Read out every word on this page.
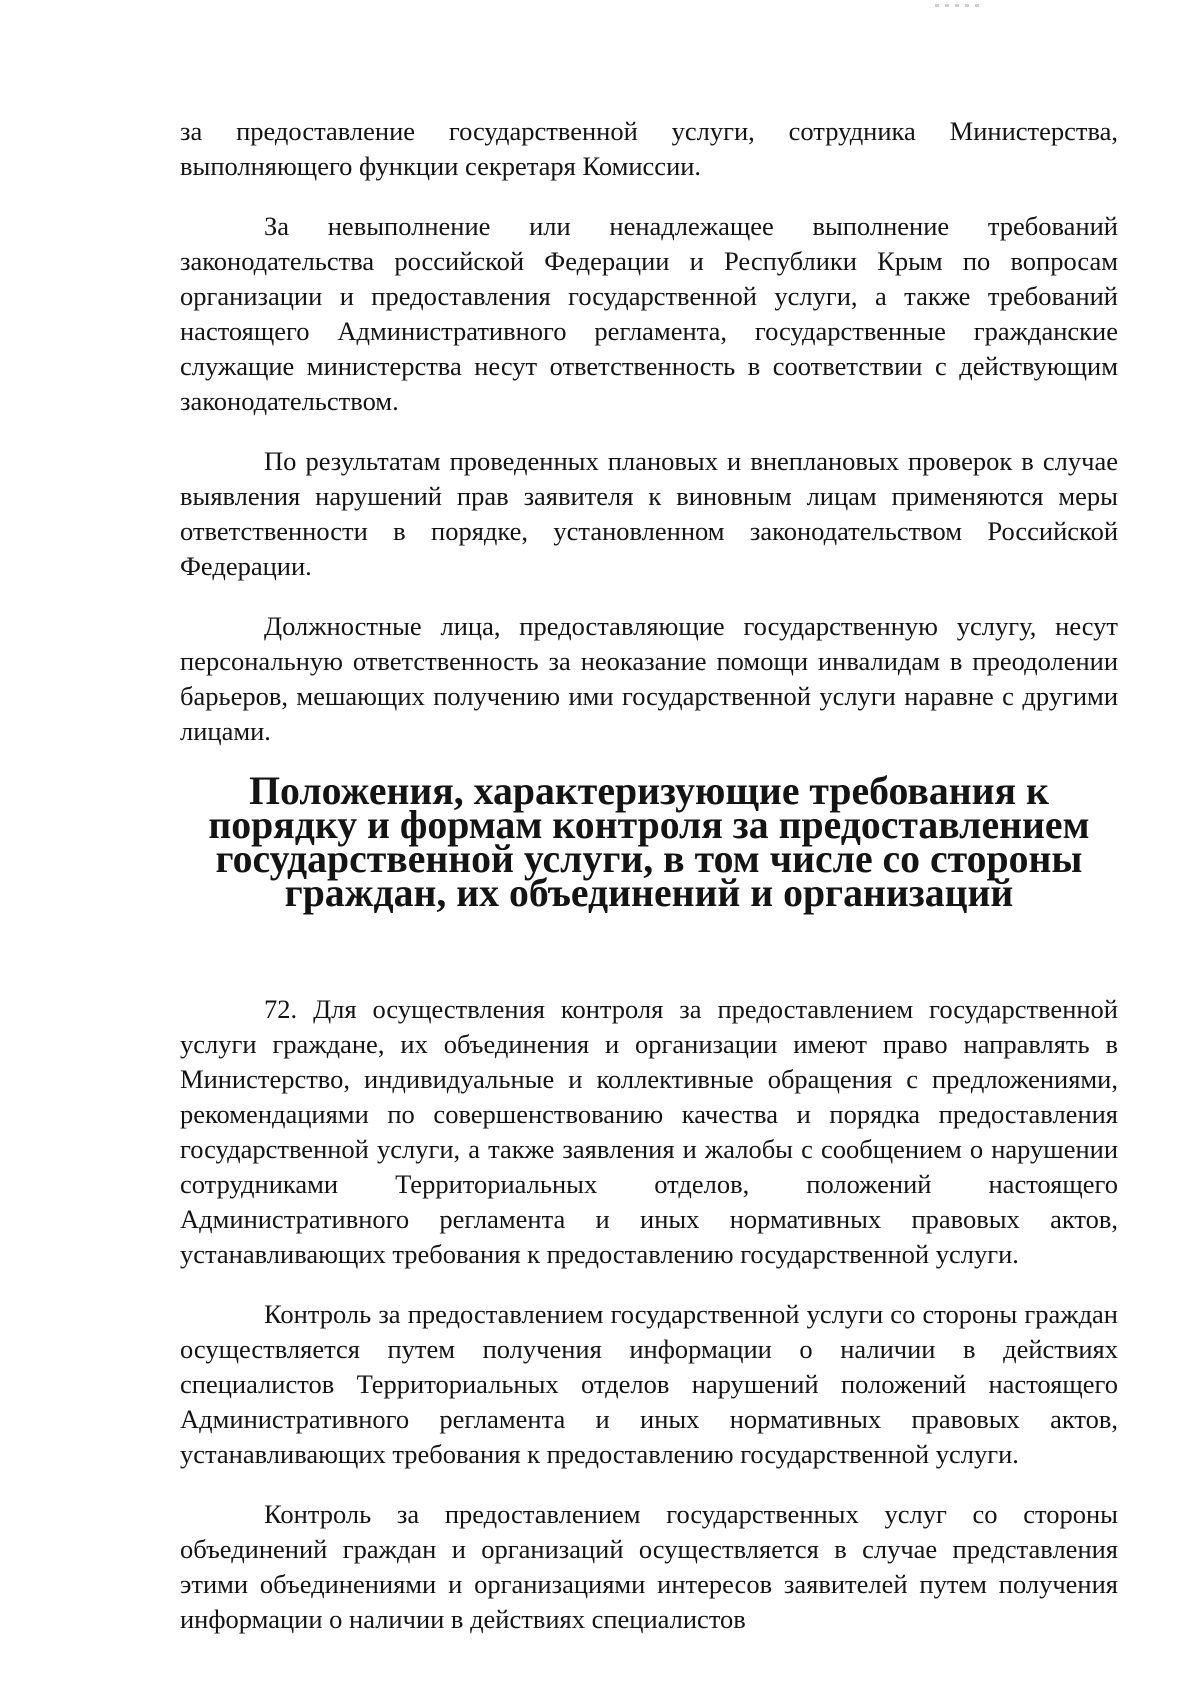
за предоставление государственной услуги, сотрудника Министерства, выполняющего функции секретаря Комиссии.

За невыполнение или ненадлежащее выполнение требований законодательства российской Федерации и Республики Крым по вопросам организации и предоставления государственной услуги, а также требований настоящего Административного регламента, государственные гражданские служащие министерства несут ответственность в соответствии с действующим законодательством.

По результатам проведенных плановых и внеплановых проверок в случае выявления нарушений прав заявителя к виновным лицам применяются меры ответственности в порядке, установленном законодательством Российской Федерации.

Должностные лица, предоставляющие государственную услугу, несут персональную ответственность за неоказание помощи инвалидам в преодолении барьеров, мешающих получению ими государственной услуги наравне с другими лицами.

Положения, характеризующие требования к порядку и формам контроля за предоставлением государственной услуги, в том числе со стороны граждан, их объединений и организаций

72. Для осуществления контроля за предоставлением государственной услуги граждане, их объединения и организации имеют право направлять в Министерство, индивидуальные и коллективные обращения с предложениями, рекомендациями по совершенствованию качества и порядка предоставления государственной услуги, а также заявления и жалобы с сообщением о нарушении сотрудниками Территориальных отделов, положений настоящего Административного регламента и иных нормативных правовых актов, устанавливающих требования к предоставлению государственной услуги.

Контроль за предоставлением государственной услуги со стороны граждан осуществляется путем получения информации о наличии в действиях специалистов Территориальных отделов нарушений положений настоящего Административного регламента и иных нормативных правовых актов, устанавливающих требования к предоставлению государственной услуги.

Контроль за предоставлением государственных услуг со стороны объединений граждан и организаций осуществляется в случае представления этими объединениями и организациями интересов заявителей путем получения информации о наличии в действиях специалистов
